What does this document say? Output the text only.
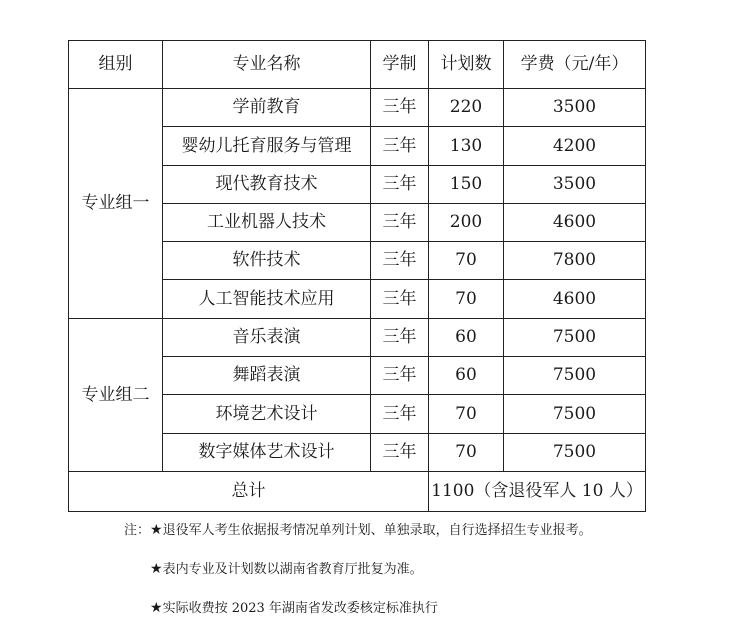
组别	专业名称	学制	计划数	学费（元/年）
专业组一	学前教育	三年	220	3500
	婴幼儿托育服务与管理	三年	130	4200
	现代教育技术	三年	150	3500
	工业机器人技术	三年	200	4600
	软件技术	三年	70	7800
	人工智能技术应用	三年	70	4600
专业组二	音乐表演	三年	60	7500
	舞蹈表演	三年	60	7500
	环境艺术设计	三年	70	7500
	数字媒体艺术设计	三年	70	7500
总计			1100（含退役军人 10 人）	
注：★退役军人考生依据报考情况单列计划、单独录取，自行选择招生专业报考。
★表内专业及计划数以湖南省教育厅批复为准。
★实际收费按 2023 年湖南省发改委核定标准执行
